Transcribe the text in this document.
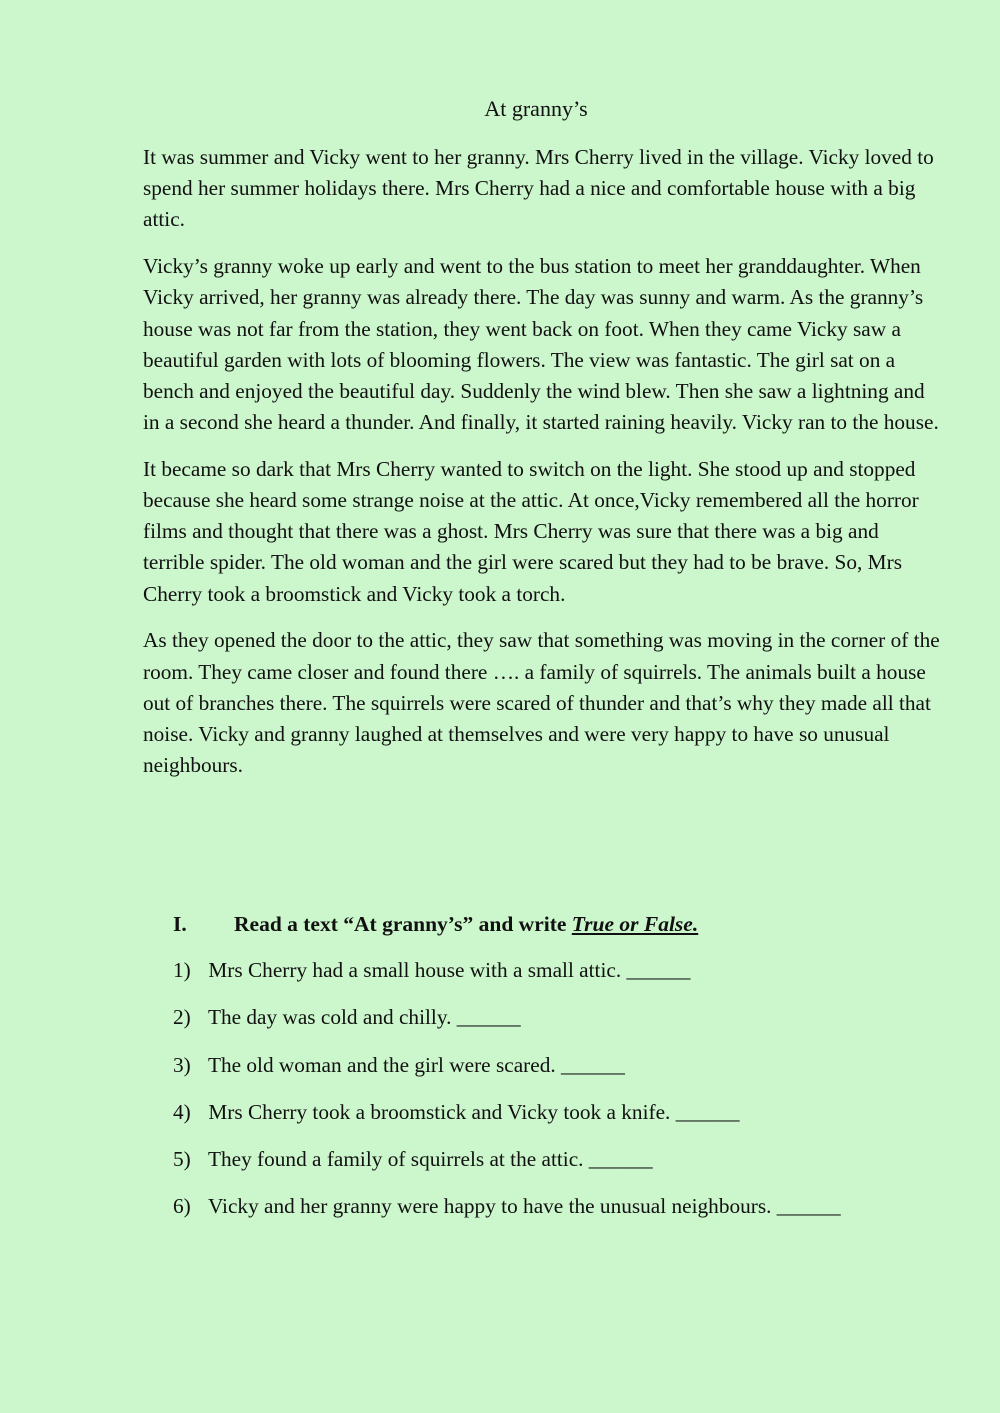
At granny’s

It was summer and Vicky went to her granny. Mrs Cherry lived in the village. Vicky loved to spend her summer holidays there. Mrs Cherry had a nice and comfortable house with a big attic.

Vicky’s granny woke up early and went to the bus station to meet her granddaughter. When Vicky arrived, her granny was already there. The day was sunny and warm. As the granny’s house was not far from the station, they went back on foot. When they came Vicky saw a beautiful garden with lots of blooming flowers. The view was fantastic. The girl sat on a bench and enjoyed the beautiful day. Suddenly the wind blew. Then she saw a lightning and in a second she heard a thunder. And finally, it started raining heavily. Vicky ran to the house.

It became so dark that Mrs Cherry wanted to switch on the light. She stood up and stopped because she heard some strange noise at the attic. At once,Vicky remembered all the horror films and thought that there was a ghost. Mrs Cherry was sure that there was a big and terrible spider. The old woman and the girl were scared but they had to be brave. So, Mrs Cherry took a broomstick and Vicky took a torch.

As they opened the door to the attic, they saw that something was moving in the corner of the room. They came closer and found there …. a family of squirrels. The animals built a house out of branches there. The squirrels were scared of thunder and that’s why they made all that noise. Vicky and granny laughed at themselves and were very happy to have so unusual neighbours.

I. Read a text “At granny’s” and write True or False.
1) Mrs Cherry had a small house with a small attic. ______
2) The day was cold and chilly. ______
3) The old woman and the girl were scared. ______
4) Mrs Cherry took a broomstick and Vicky took a knife. ______
5) They found a family of squirrels at the attic. ______
6) Vicky and her granny were happy to have the unusual neighbours. ______
